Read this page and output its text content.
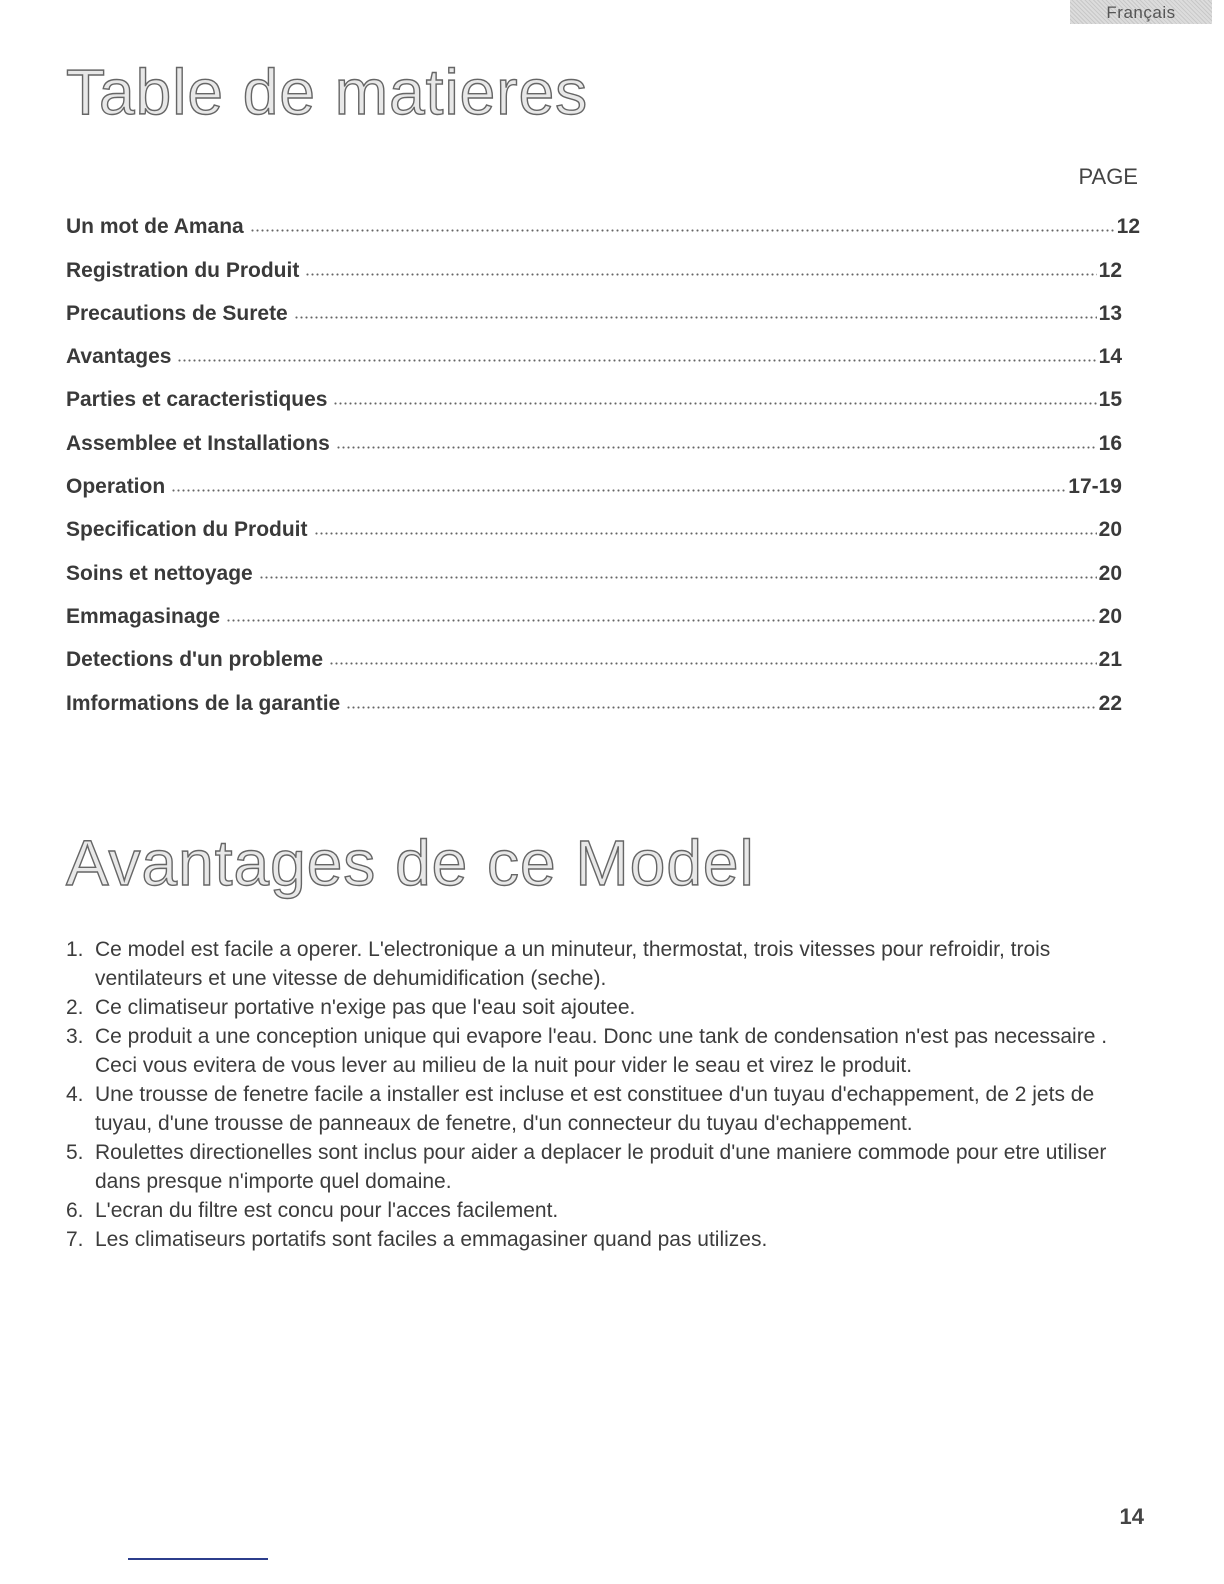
Français
Table de matieres
PAGE
Un mot de Amana	12
Registration du Produit	12
Precautions de Surete	13
Avantages	14
Parties et caracteristiques	15
Assemblee et Installations	16
Operation	17-19
Specification du Produit	20
Soins et nettoyage	20
Emmagasinage	20
Detections d'un probleme	21
Imformations de la garantie	22
Avantages de ce Model
1. Ce model est facile a operer. L'electronique a un minuteur, thermostat, trois vitesses pour refroidir, trois ventilateurs et une vitesse de dehumidification (seche).
2. Ce climatiseur portative n'exige pas que l'eau soit ajoutee.
3. Ce produit a une conception unique qui evapore l'eau. Donc une tank de condensation n'est pas necessaire . Ceci vous evitera de vous lever au milieu de la nuit pour vider le seau et virez le produit.
4. Une trousse de fenetre facile a installer est incluse et est constituee d'un tuyau d'echappement, de 2 jets de tuyau, d'une trousse de panneaux de fenetre, d'un connecteur du tuyau d'echappement.
5. Roulettes directionelles sont inclus pour aider a deplacer le produit d'une maniere commode pour etre utiliser dans presque n'importe quel domaine.
6. L'ecran du filtre est concu pour l'acces facilement.
7. Les climatiseurs portatifs sont faciles a emmagasiner quand pas utilizes.
14
